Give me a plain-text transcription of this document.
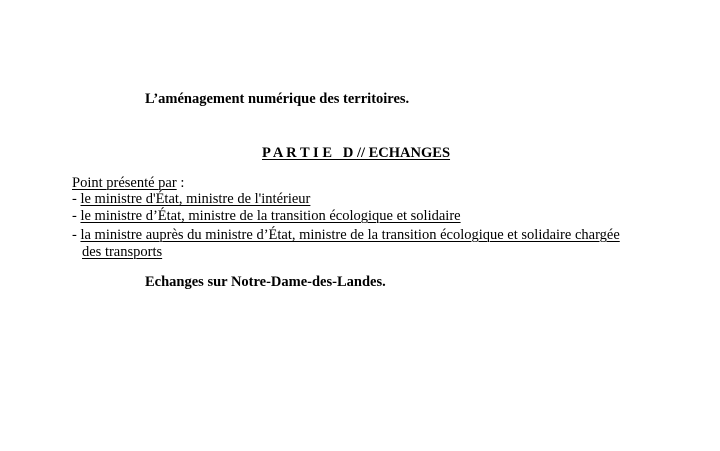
L’aménagement numérique des territoires.
P A R T I E   D // ECHANGES
Point présenté par :
- le ministre d'État, ministre de l'intérieur
- le ministre d’État, ministre de la transition écologique et solidaire
- la ministre auprès du ministre d’État, ministre de la transition écologique et solidaire chargée
des transports
Echanges sur Notre-Dame-des-Landes.
